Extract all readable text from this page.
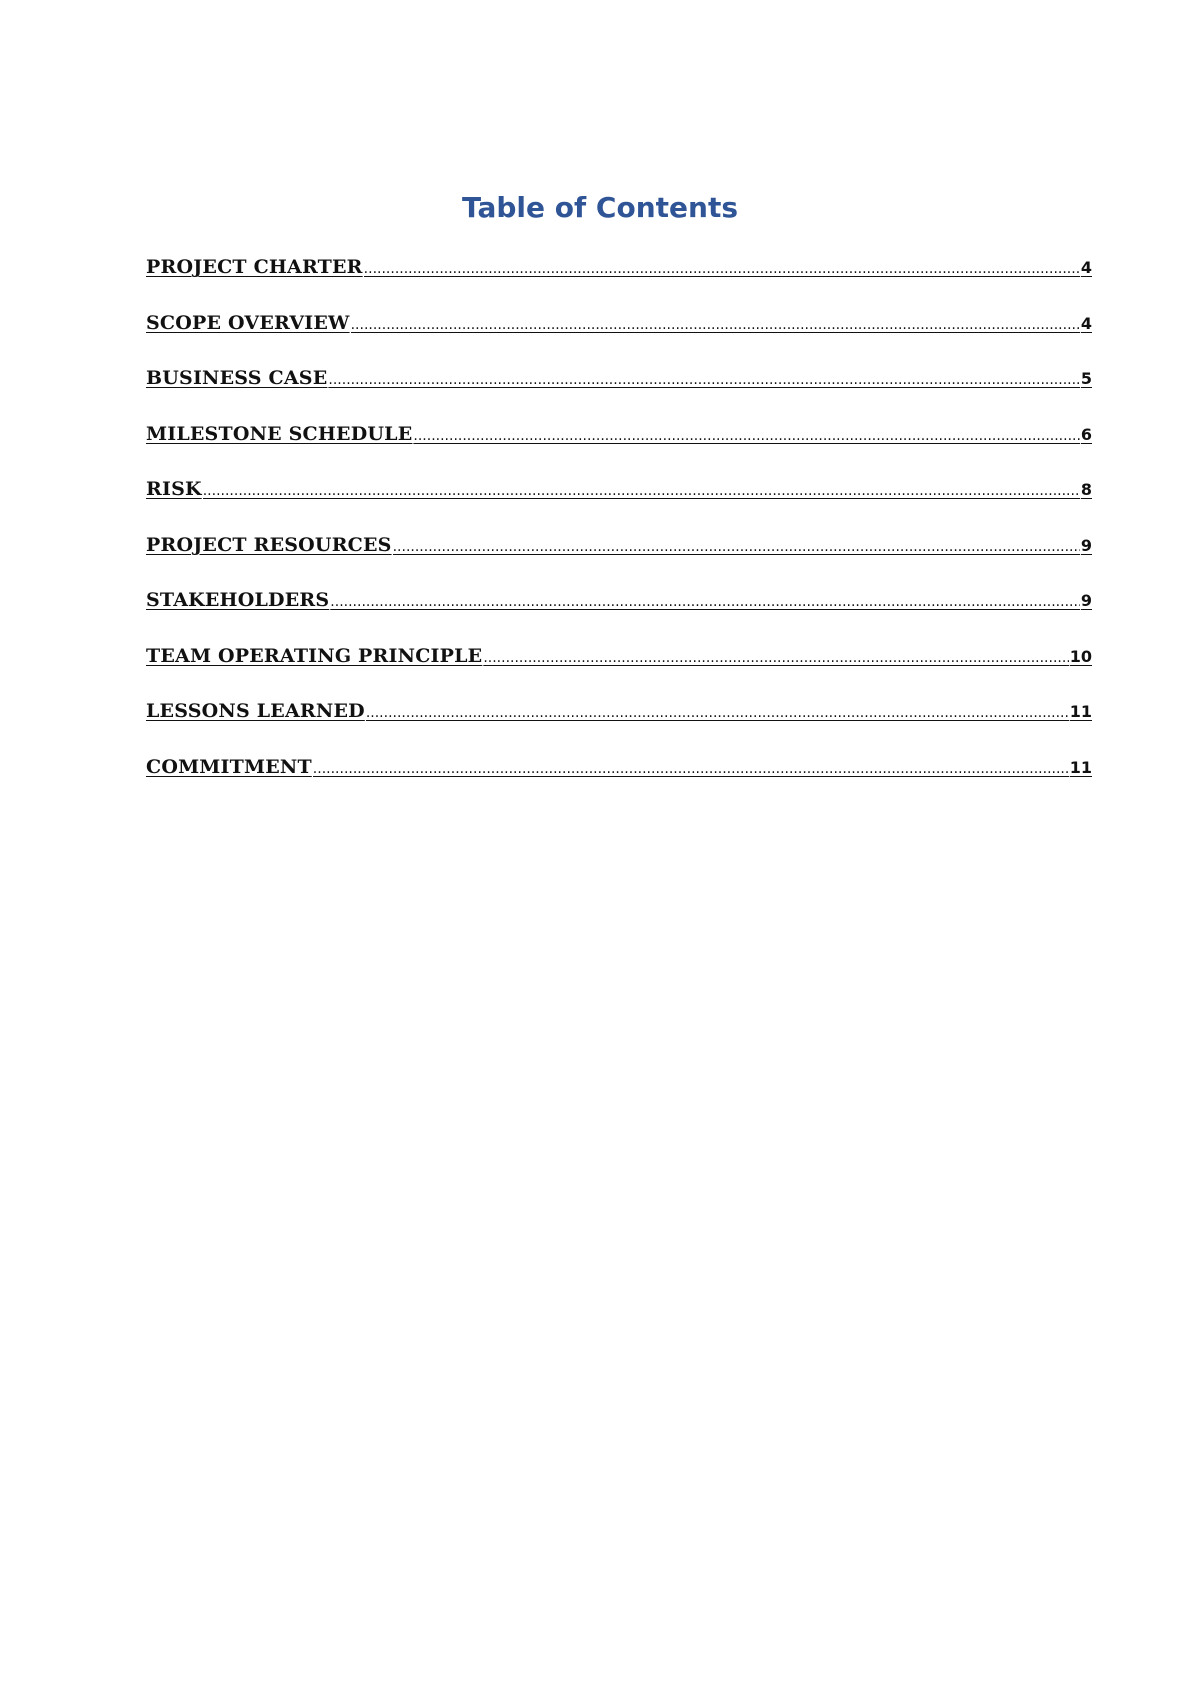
Table of Contents
PROJECT CHARTER .....	4
SCOPE OVERVIEW .....	4
BUSINESS CASE .....	5
MILESTONE SCHEDULE .....	6
RISK .....	8
PROJECT RESOURCES .....	9
STAKEHOLDERS .....	9
TEAM OPERATING PRINCIPLE .....	10
LESSONS LEARNED .....	11
COMMITMENT .....	11
